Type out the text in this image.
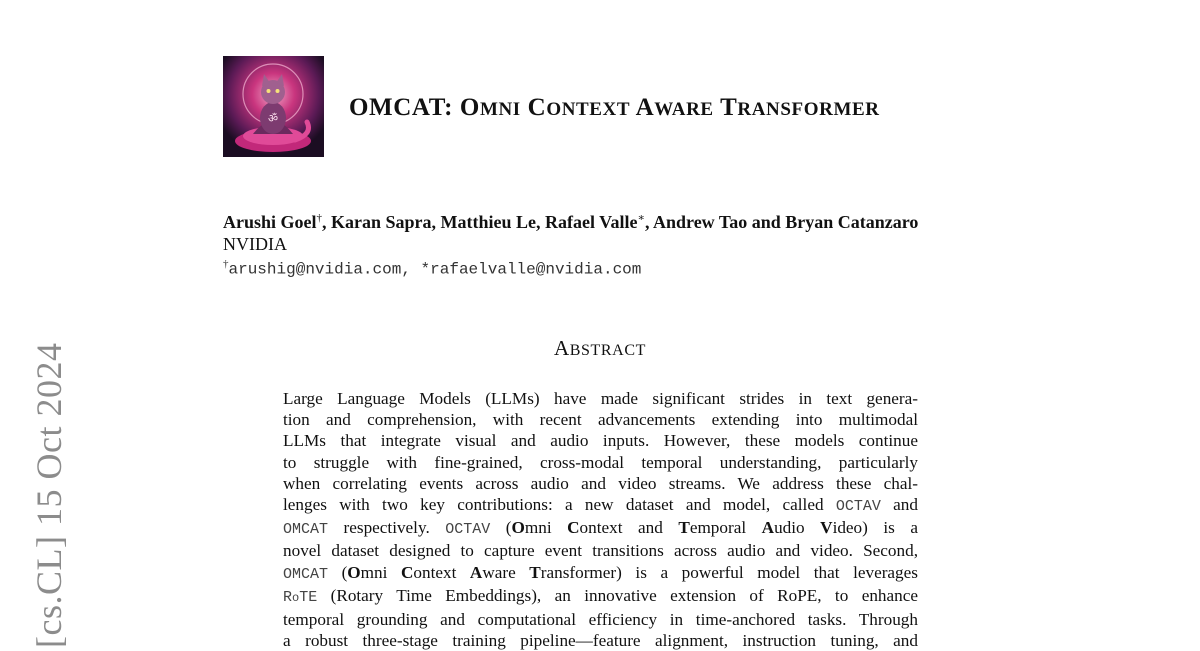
[cs.CL] 15 Oct 2024
ॐ	OMCAT: OMNI CONTEXT AWARE TRANSFORMER
Arushi Goel†, Karan Sapra, Matthieu Le, Rafael Valle∗, Andrew Tao and Bryan Catanzaro
NVIDIA
†arushig@nvidia.com, *rafaelvalle@nvidia.com
ABSTRACT
Large Language Models (LLMs) have made significant strides in text genera-
tion and comprehension, with recent advancements extending into multimodal
LLMs that integrate visual and audio inputs. However, these models continue
to struggle with fine-grained, cross-modal temporal understanding, particularly
when correlating events across audio and video streams. We address these chal-
lenges with two key contributions: a new dataset and model, called OCTAV and
OMCAT respectively. OCTAV (Omni Context and Temporal Audio Video) is a
novel dataset designed to capture event transitions across audio and video. Second,
OMCAT (Omni Context Aware Transformer) is a powerful model that leverages
RoTE (Rotary Time Embeddings), an innovative extension of RoPE, to enhance
temporal grounding and computational efficiency in time-anchored tasks. Through
a robust three-stage training pipeline—feature alignment, instruction tuning, and
